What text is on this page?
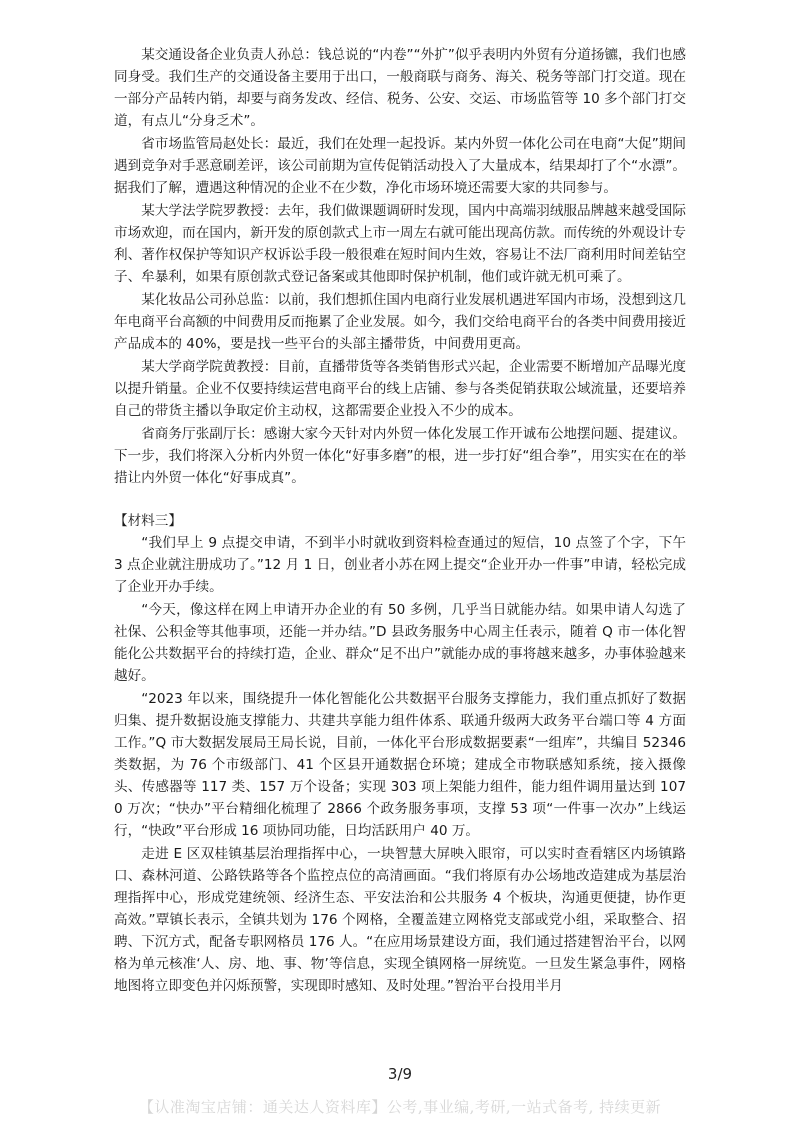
某交通设备企业负责人孙总：钱总说的“内卷”“外扩”似乎表明内外贸有分道扬镳，我们也感同身受。我们生产的交通设备主要用于出口，一般商联与商务、海关、税务等部门打交道。现在一部分产品转内销，却要与商务发改、经信、税务、公安、交运、市场监管等 10 多个部门打交道，有点儿“分身乏术”。

省市场监管局赵处长：最近，我们在处理一起投诉。某内外贸一体化公司在电商“大促”期间遇到竞争对手恶意刷差评，该公司前期为宣传促销活动投入了大量成本，结果却打了个“水漂”。据我们了解，遭遇这种情况的企业不在少数，净化市场环境还需要大家的共同参与。

某大学法学院罗教授：去年，我们做课题调研时发现，国内中高端羽绒服品牌越来越受国际市场欢迎，而在国内，新开发的原创款式上市一周左右就可能出现高仿款。而传统的外观设计专利、著作权保护等知识产权诉讼手段一般很难在短时间内生效，容易让不法厂商利用时间差钻空子、牟暴利，如果有原创款式登记备案或其他即时保护机制，他们或许就无机可乘了。

某化妆品公司孙总监：以前，我们想抓住国内电商行业发展机遇进军国内市场，没想到这几年电商平台高额的中间费用反而拖累了企业发展。如今，我们交给电商平台的各类中间费用接近产品成本的 40%，要是找一些平台的头部主播带货，中间费用更高。

某大学商学院黄教授：目前，直播带货等各类销售形式兴起，企业需要不断增加产品曝光度以提升销量。企业不仅要持续运营电商平台的线上店铺、参与各类促销获取公域流量，还要培养自己的带货主播以争取定价主动权，这都需要企业投入不少的成本。

省商务厅张副厅长：感谢大家今天针对内外贸一体化发展工作开诚布公地摆问题、提建议。下一步，我们将深入分析内外贸一体化“好事多磨”的根，进一步打好“组合拳”，用实实在在的举措让内外贸一体化“好事成真”。

【材料三】

“我们早上 9 点提交申请，不到半小时就收到资料检查通过的短信，10 点签了个字，下午 3 点企业就注册成功了。”12 月 1 日，创业者小苏在网上提交“企业开办一件事”申请，轻松完成了企业开办手续。

“今天，像这样在网上申请开办企业的有 50 多例，几乎当日就能办结。如果申请人勾选了社保、公积金等其他事项，还能一并办结。”D 县政务服务中心周主任表示，随着 Q 市一体化智能化公共数据平台的持续打造，企业、群众“足不出户”就能办成的事将越来越多，办事体验越来越好。

“2023 年以来，围绕提升一体化智能化公共数据平台服务支撑能力，我们重点抓好了数据归集、提升数据设施支撑能力、共建共享能力组件体系、联通升级两大政务平台端口等 4 方面工作。”Q 市大数据发展局王局长说，目前，一体化平台形成数据要素“一组库”，共编目 52346 类数据，为 76 个市级部门、41 个区县开通数据仓环境；建成全市物联感知系统，接入摄像头、传感器等 117 类、157 万个设备；实现 303 项上架能力组件，能力组件调用量达到 1070 万次；“快办”平台精细化梳理了 2866 个政务服务事项，支撑 53 项“一件事一次办”上线运行，“快政”平台形成 16 项协同功能，日均活跃用户 40 万。

走进 E 区双桂镇基层治理指挥中心，一块智慧大屏映入眼帘，可以实时查看辖区内场镇路口、森林河道、公路铁路等各个监控点位的高清画面。“我们将原有办公场地改造建成为基层治理指挥中心，形成党建统领、经济生态、平安法治和公共服务 4 个板块，沟通更便捷，协作更高效。”覃镇长表示，全镇共划为 176 个网格，全覆盖建立网格党支部或党小组，采取整合、招聘、下沉方式，配备专职网格员 176 人。“在应用场景建设方面，我们通过搭建智治平台，以网格为单元核准‘人、房、地、事、物’等信息，实现全镇网格一屏统览。一旦发生紧急事件，网格地图将立即变色并闪烁预警，实现即时感知、及时处理。”智治平台投用半月

3/9
【认准淘宝店铺：通关达人资料库】公考,事业编,考研,一站式备考, 持续更新
